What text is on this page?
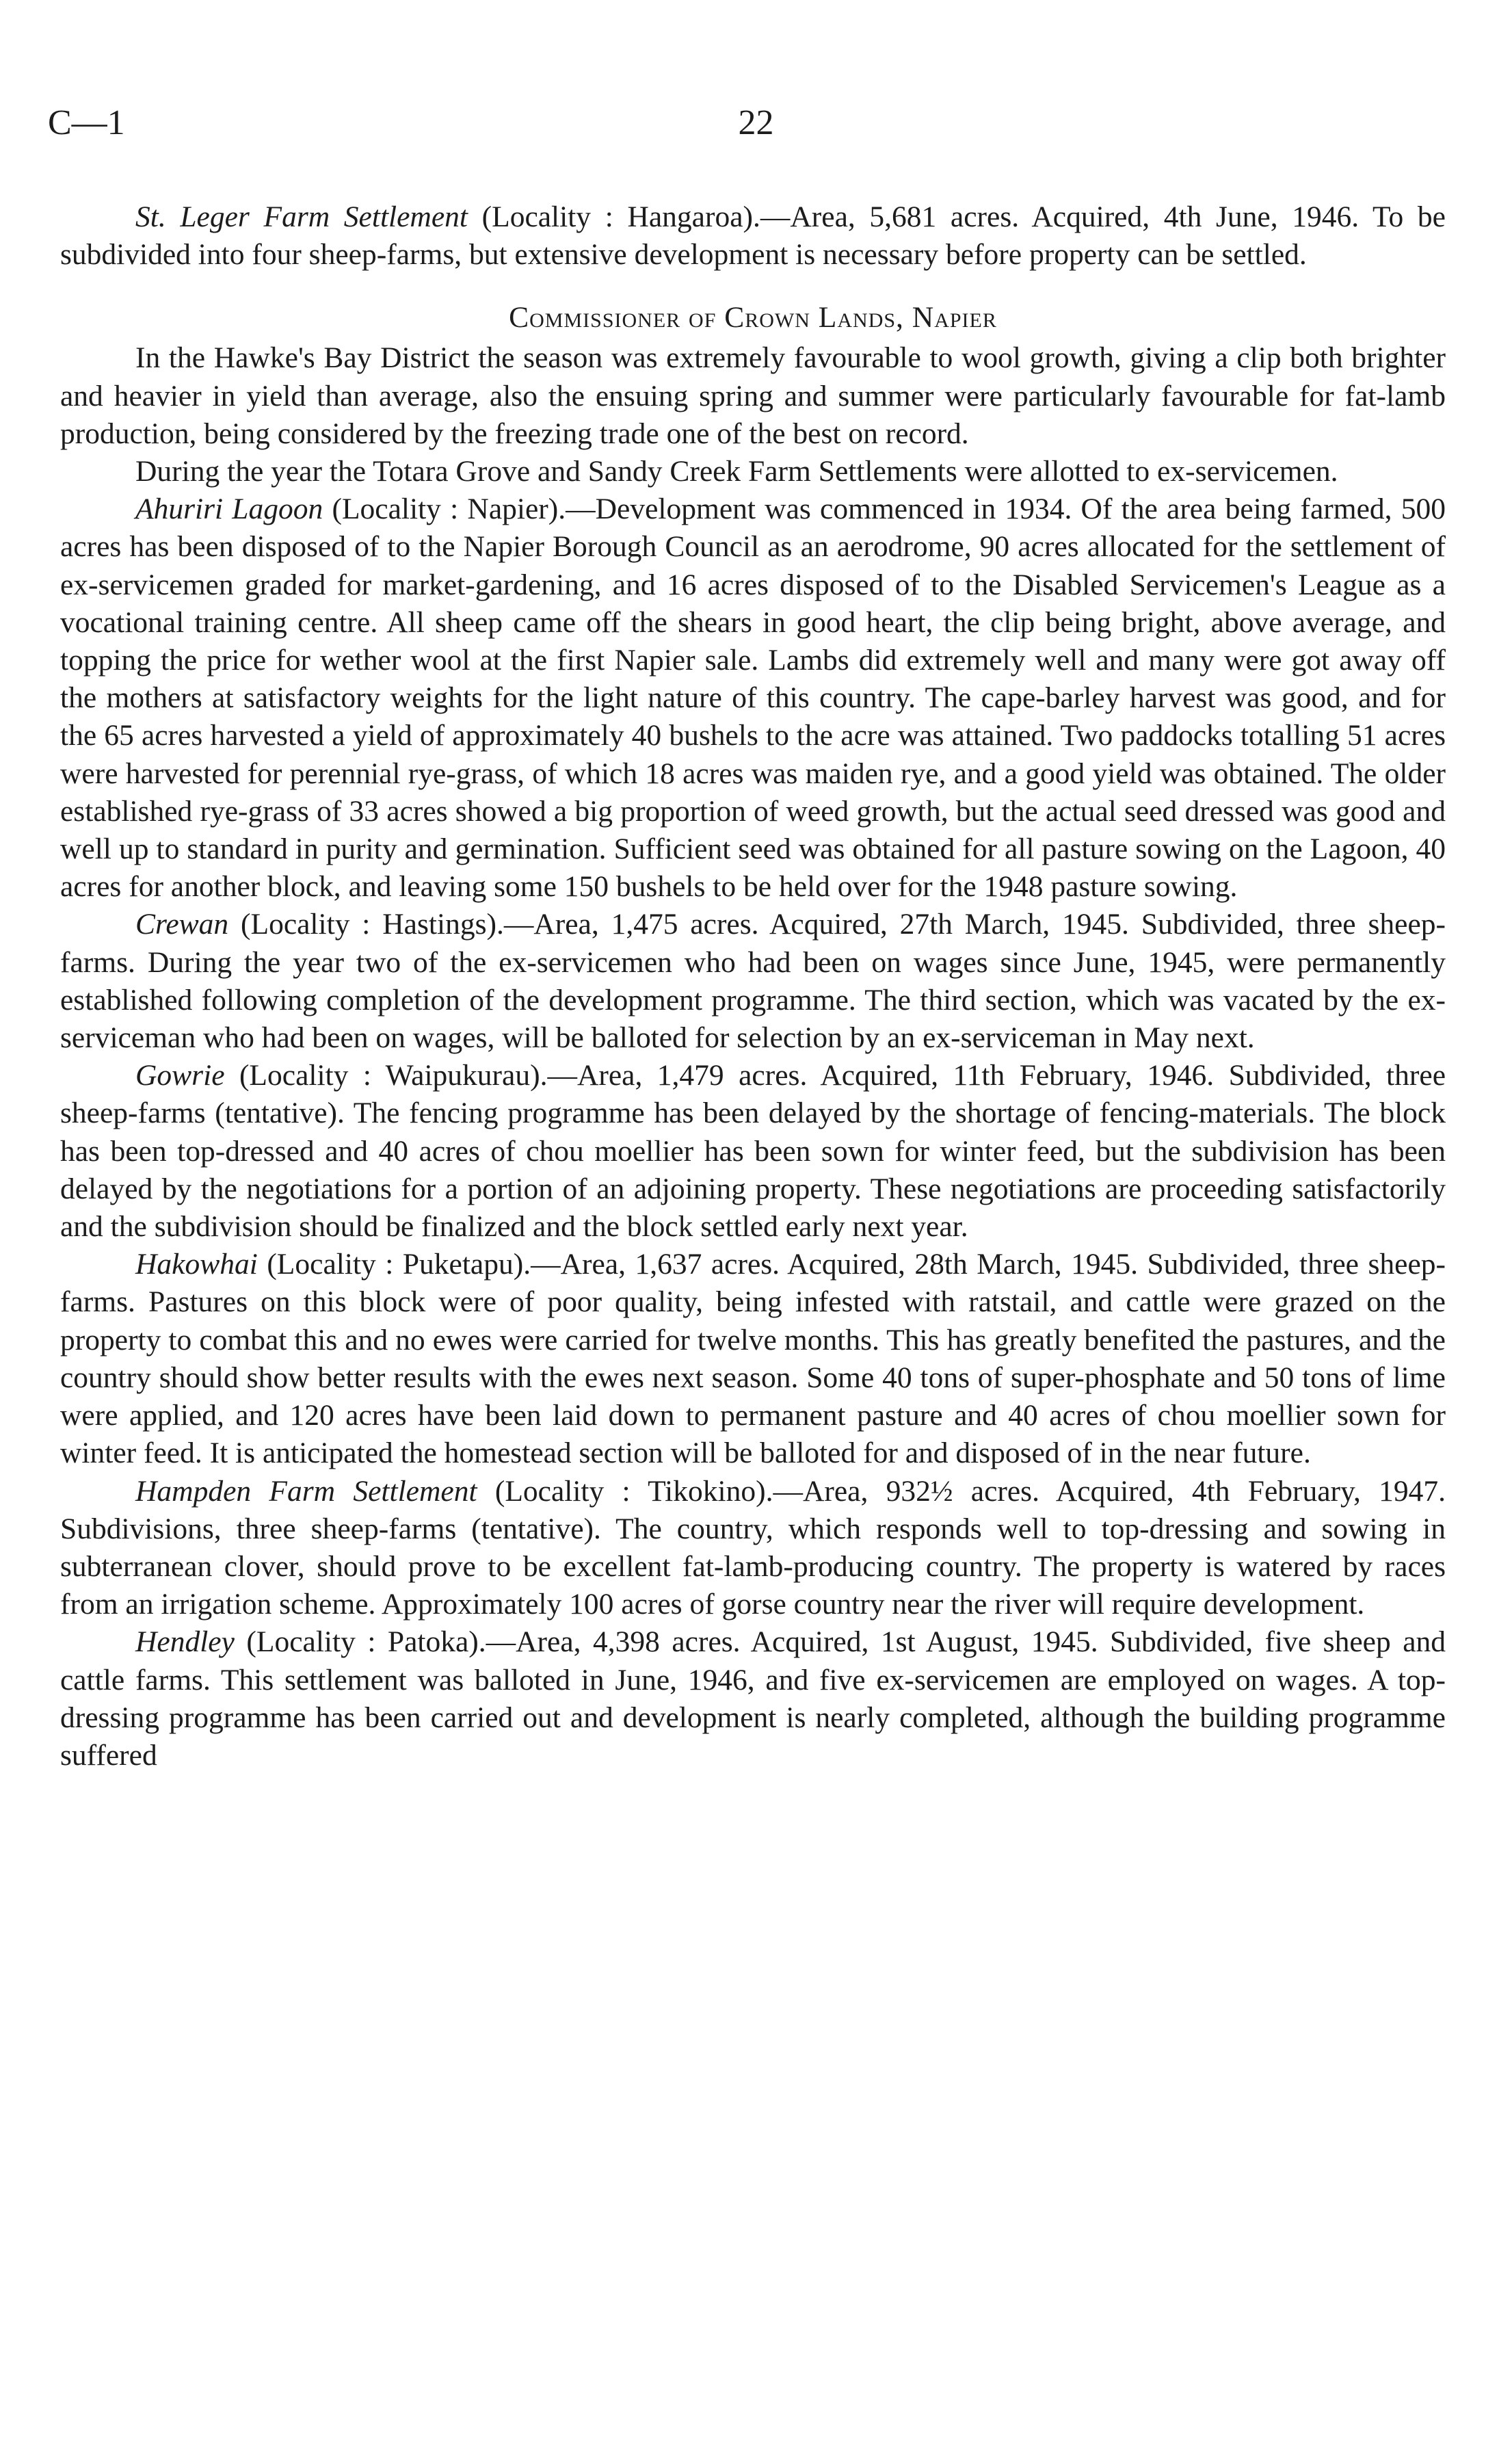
C—1	22

St. Leger Farm Settlement (Locality : Hangaroa).—Area, 5,681 acres. Acquired, 4th June, 1946. To be subdivided into four sheep-farms, but extensive development is necessary before property can be settled.

Commissioner of Crown Lands, Napier

In the Hawke's Bay District the season was extremely favourable to wool growth, giving a clip both brighter and heavier in yield than average, also the ensuing spring and summer were particularly favourable for fat-lamb production, being considered by the freezing trade one of the best on record.

During the year the Totara Grove and Sandy Creek Farm Settlements were allotted to ex-servicemen.

Ahuriri Lagoon (Locality : Napier).—Development was commenced in 1934. Of the area being farmed, 500 acres has been disposed of to the Napier Borough Council as an aerodrome, 90 acres allocated for the settlement of ex-servicemen graded for market-gardening, and 16 acres disposed of to the Disabled Servicemen's League as a vocational training centre. All sheep came off the shears in good heart, the clip being bright, above average, and topping the price for wether wool at the first Napier sale. Lambs did extremely well and many were got away off the mothers at satisfactory weights for the light nature of this country. The cape-barley harvest was good, and for the 65 acres harvested a yield of approximately 40 bushels to the acre was attained. Two paddocks totalling 51 acres were harvested for perennial rye-grass, of which 18 acres was maiden rye, and a good yield was obtained. The older established rye-grass of 33 acres showed a big proportion of weed growth, but the actual seed dressed was good and well up to standard in purity and germination. Sufficient seed was obtained for all pasture sowing on the Lagoon, 40 acres for another block, and leaving some 150 bushels to be held over for the 1948 pasture sowing.

Crewan (Locality : Hastings).—Area, 1,475 acres. Acquired, 27th March, 1945. Subdivided, three sheep-farms. During the year two of the ex-servicemen who had been on wages since June, 1945, were permanently established following completion of the development programme. The third section, which was vacated by the ex-serviceman who had been on wages, will be balloted for selection by an ex-serviceman in May next.

Gowrie (Locality : Waipukurau).—Area, 1,479 acres. Acquired, 11th February, 1946. Subdivided, three sheep-farms (tentative). The fencing programme has been delayed by the shortage of fencing-materials. The block has been top-dressed and 40 acres of chou moellier has been sown for winter feed, but the subdivision has been delayed by the negotiations for a portion of an adjoining property. These negotiations are proceeding satisfactorily and the subdivision should be finalized and the block settled early next year.

Hakowhai (Locality : Puketapu).—Area, 1,637 acres. Acquired, 28th March, 1945. Subdivided, three sheep-farms. Pastures on this block were of poor quality, being infested with ratstail, and cattle were grazed on the property to combat this and no ewes were carried for twelve months. This has greatly benefited the pastures, and the country should show better results with the ewes next season. Some 40 tons of super-phosphate and 50 tons of lime were applied, and 120 acres have been laid down to permanent pasture and 40 acres of chou moellier sown for winter feed. It is anticipated the homestead section will be balloted for and disposed of in the near future.

Hampden Farm Settlement (Locality : Tikokino).—Area, 932½ acres. Acquired, 4th February, 1947. Subdivisions, three sheep-farms (tentative). The country, which responds well to top-dressing and sowing in subterranean clover, should prove to be excellent fat-lamb-producing country. The property is watered by races from an irrigation scheme. Approximately 100 acres of gorse country near the river will require development.

Hendley (Locality : Patoka).—Area, 4,398 acres. Acquired, 1st August, 1945. Subdivided, five sheep and cattle farms. This settlement was balloted in June, 1946, and five ex-servicemen are employed on wages. A top-dressing programme has been carried out and development is nearly completed, although the building programme suffered
